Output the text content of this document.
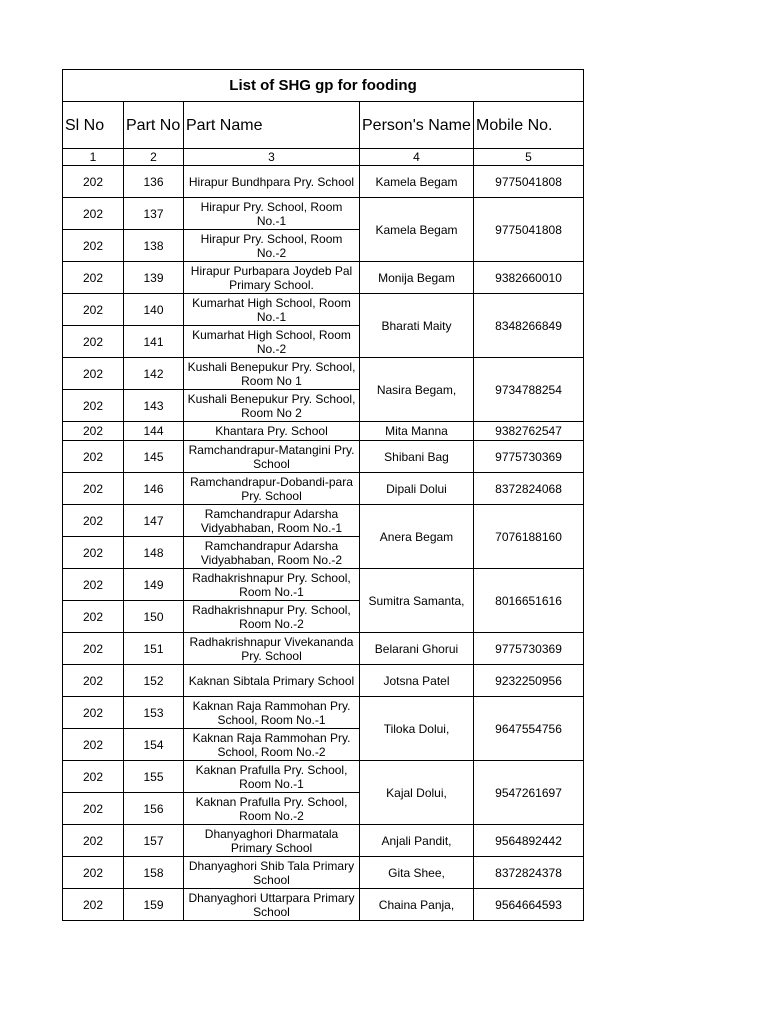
List of SHG gp for fooding				
Sl No	Part No	Part Name	Person's Name	Mobile No.
1	2	3	4	5
202	136	Hirapur Bundhpara Pry. School	Kamela Begam	9775041808
202	137	Hirapur Pry. School, Room No.-1	Kamela Begam	9775041808
202	138	Hirapur Pry. School, Room No.-2		
202	139	Hirapur Purbapara Joydeb Pal Primary School.	Monija Begam	9382660010
202	140	Kumarhat High School, Room No.-1	Bharati Maity	8348266849
202	141	Kumarhat High School, Room No.-2		
202	142	Kushali Benepukur Pry. School, Room No 1	Nasira Begam,	9734788254
202	143	Kushali Benepukur Pry. School, Room No 2		
202	144	Khantara Pry. School	Mita Manna	9382762547
202	145	Ramchandrapur-Matangini Pry. School	Shibani Bag	9775730369
202	146	Ramchandrapur-Dobandi-para Pry. School	Dipali Dolui	8372824068
202	147	Ramchandrapur Adarsha Vidyabhaban, Room No.-1	Anera Begam	7076188160
202	148	Ramchandrapur Adarsha Vidyabhaban, Room No.-2		
202	149	Radhakrishnapur Pry. School, Room No.-1	Sumitra Samanta,	8016651616
202	150	Radhakrishnapur Pry. School, Room No.-2		
202	151	Radhakrishnapur Vivekananda Pry. School	Belarani Ghorui	9775730369
202	152	Kaknan Sibtala Primary School	Jotsna Patel	9232250956
202	153	Kaknan Raja Rammohan Pry. School, Room No.-1	Tiloka Dolui,	9647554756
202	154	Kaknan Raja Rammohan Pry. School, Room No.-2		
202	155	Kaknan Prafulla Pry. School, Room No.-1	Kajal Dolui,	9547261697
202	156	Kaknan Prafulla Pry. School, Room No.-2		
202	157	Dhanyaghori Dharmatala Primary School	Anjali Pandit,	9564892442
202	158	Dhanyaghori Shib Tala Primary School	Gita Shee,	8372824378
202	159	Dhanyaghori Uttarpara Primary School	Chaina Panja,	9564664593
